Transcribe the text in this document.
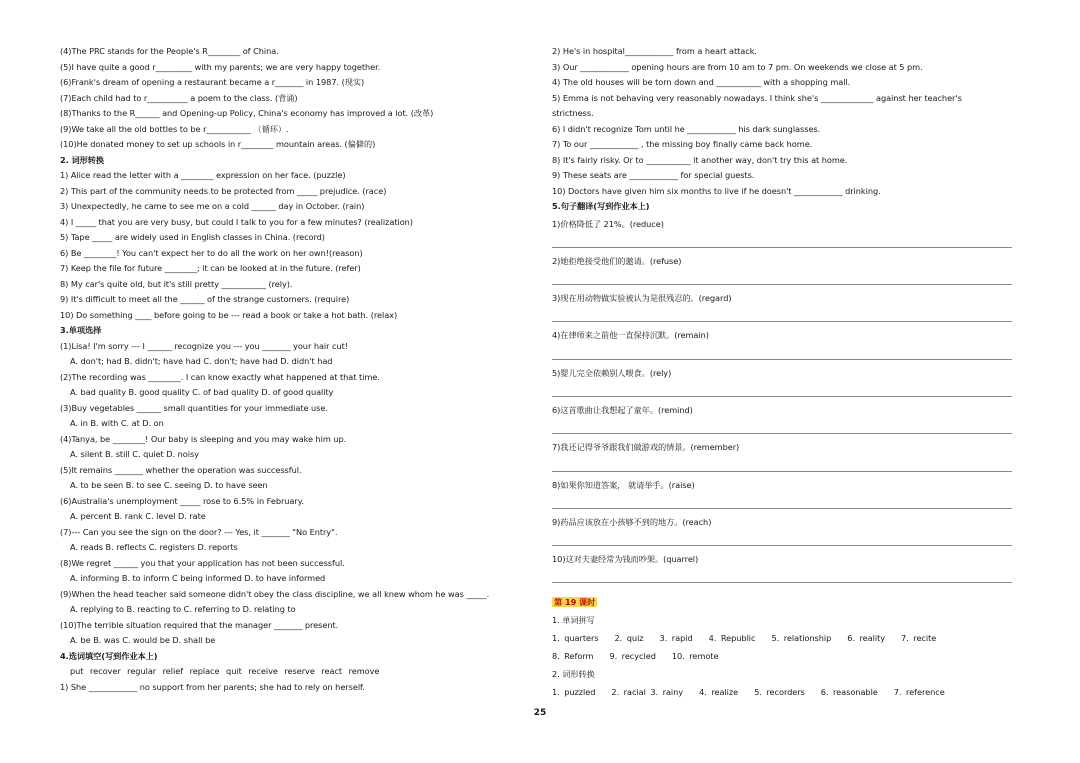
(4)The PRC stands for the People's R________ of China.
(5)I have quite a good r_________ with my parents; we are very happy together.
(6)Frank's dream of opening a restaurant became a r_______ in 1987. (现实)
(7)Each child had to r__________ a poem to the class. (背诵)
(8)Thanks to the R______ and Opening-up Policy, China's economy has improved a lot. (改革)
(9)We take all the old bottles to be r___________ （循环）.
(10)He donated money to set up schools in r________ mountain areas. (偏僻的)
2. 词形转换
1) Alice read the letter with a ________ expression on her face. (puzzle)
2) This part of the community needs to be protected from _____ prejudice. (race)
3) Unexpectedly, he came to see me on a cold ______ day in October. (rain)
4) I _____ that you are very busy, but could I talk to you for a few minutes? (realization)
5) Tape _____ are widely used in English classes in China. (record)
6) Be ________! You can't expect her to do all the work on her own!(reason)
7) Keep the file for future ________; it can be looked at in the future. (refer)
8) My car's quite old, but it's still pretty ___________ (rely).
9) It's difficult to meet all the ______ of the strange customers. (require)
10) Do something ____ before going to be --- read a book or take a hot bath. (relax)
3.单项选择
(1)Lisa! I'm sorry --- I ______ recognize you --- you _______ your hair cut!
A. don't; had B. didn't; have had C. don't; have had D. didn't had
(2)The recording was ________. I can know exactly what happened at that time.
A. bad quality B. good quality C. of bad quality D. of good quality
(3)Buy vegetables ______ small quantities for your immediate use.
A. in B. with C. at D. on
(4)Tanya, be ________! Our baby is sleeping and you may wake him up.
A. silent B. still C. quiet D. noisy
(5)It remains _______ whether the operation was successful.
A. to be seen B. to see C. seeing D. to have seen
(6)Australia's unemployment _____ rose to 6.5% in February.
A. percent B. rank C. level D. rate
(7)--- Can you see the sign on the door? --- Yes, it _______ "No Entry".
A. reads B. reflects C. registers D. reports
(8)We regret ______ you that your application has not been successful.
A. informing B. to inform C being informed D. to have informed
(9)When the head teacher said someone didn't obey the class discipline, we all knew whom he was _____.
A. replying to B. reacting to C. referring to D. relating to
(10)The terrible situation required that the manager _______ present.
A. be B. was C. would be D. shall be
4.选词填空(写到作业本上)
put recover regular relief replace quit receive reserve react remove
1) She ____________ no support from her parents; she had to rely on herself.
2) He's in hospital____________ from a heart attack.
3) Our ____________ opening hours are from 10 am to 7 pm. On weekends we close at 5 pm.
4) The old houses will be torn down and ___________ with a shopping mall.
5) Emma is not behaving very reasonably nowadays. I think she's _____________ against her teacher's
strictness.
6) I didn't recognize Tom until he ____________ his dark sunglasses.
7) To our ____________ , the missing boy finally came back home.
8) It's fairly risky. Or to ___________ it another way, don't try this at home.
9) These seats are ____________ for special guests.
10) Doctors have given him six months to live if he doesn't ____________ drinking.
5.句子翻译(写到作业本上)
1)价格降低了 21%。(reduce)
2)她拒绝接受他们的邀请。(refuse)
3)现在用动物做实验被认为是很残忍的。(regard)
4)在律师来之前他一直保持沉默。(remain)
5)婴儿完全依赖别人喂食。(rely)
6)这首歌曲让我想起了童年。(remind)
7)我还记得爷爷跟我们做游戏的情景。(remember)
8)如果你知道答案， 就请举手。(raise)
9)药品应该放在小孩够不到的地方。(reach)
10)这对夫妻经常为钱而吵架。(quarrel)
第 19 课时
1. 单词拼写
1. quarters 2. quiz 3. rapid 4. Republic 5. relationship 6. reality 7. recite
8. Reform 9. recycled 10. remote
2. 词形转换
1. puzzled 2. racial 3. rainy 4. realize 5. recorders 6. reasonable 7. reference
25
